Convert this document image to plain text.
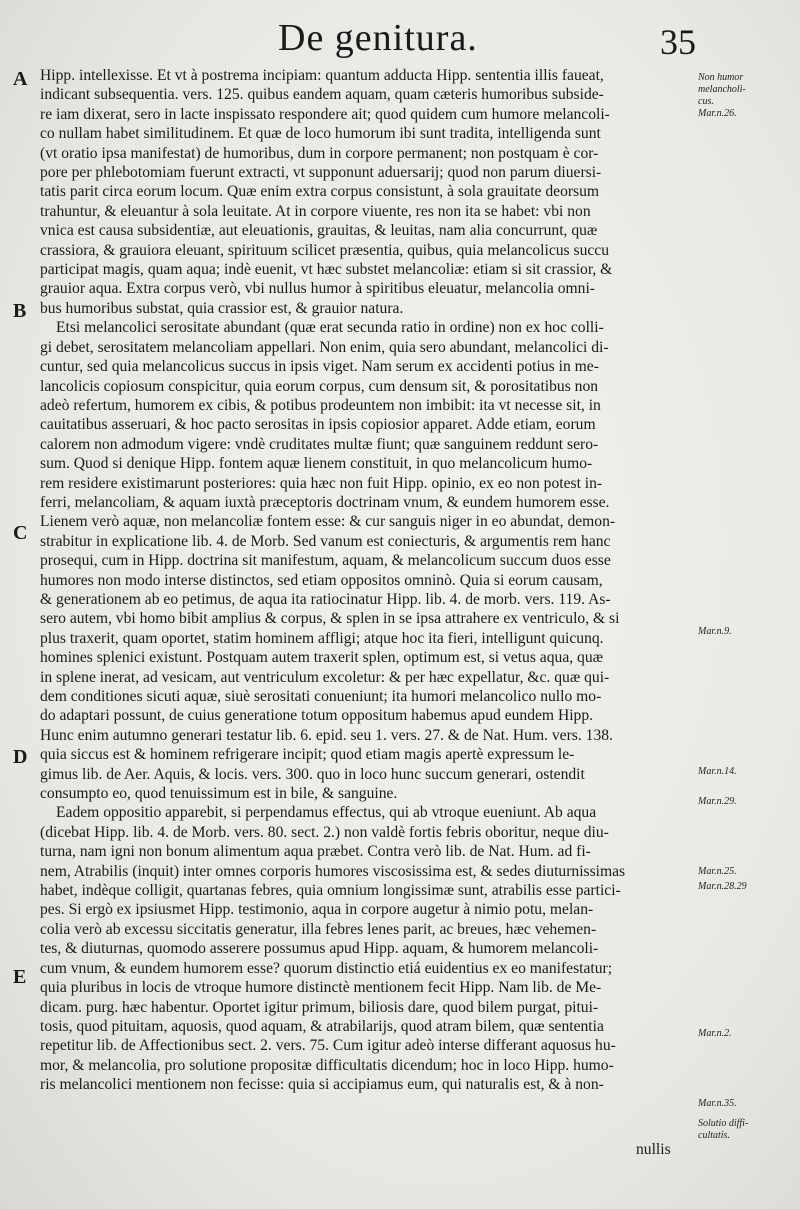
De genitura.	35
A
B
C
D
E
Hipp. intellexisse. Et vt à postrema incipiam: quantum adducta Hipp. sententia illis faueat,
indicant subsequentia. vers. 125. quibus eandem aquam, quam cæteris humoribus subside-
re iam dixerat, sero in lacte inspissato respondere ait; quod quidem cum humore melancoli-
co nullam habet similitudinem. Et quæ de loco humorum ibi sunt tradita, intelligenda sunt
(vt oratio ipsa manifestat) de humoribus, dum in corpore permanent; non postquam è cor-
pore per phlebotomiam fuerunt extracti, vt supponunt aduersarij; quod non parum diuersi-
tatis parit circa eorum locum. Quæ enim extra corpus consistunt, à sola grauitate deorsum
trahuntur, & eleuantur à sola leuitate. At in corpore viuente, res non ita se habet: vbi non
vnica est causa subsidentiæ, aut eleuationis, grauitas, & leuitas, nam alia concurrunt, quæ
crassiora, & grauiora eleuant, spirituum scilicet præsentia, quibus, quia melancolicus succu
participat magis, quam aqua; indè euenit, vt hæc substet melancoliæ: etiam si sit crassior, &
grauior aqua. Extra corpus verò, vbi nullus humor à spiritibus eleuatur, melancolia omni-
bus humoribus substat, quia crassior est, & grauior natura.
Etsi melancolici serositate abundant (quæ erat secunda ratio in ordine) non ex hoc colli-
gi debet, serositatem melancoliam appellari. Non enim, quia sero abundant, melancolici di-
cuntur, sed quia melancolicus succus in ipsis viget. Nam serum ex accidenti potius in me-
lancolicis copiosum conspicitur, quia eorum corpus, cum densum sit, & porositatibus non
adeò refertum, humorem ex cibis, & potibus prodeuntem non imbibit: ita vt necesse sit, in
cauitatibus asseruari, & hoc pacto serositas in ipsis copiosior apparet. Adde etiam, eorum
calorem non admodum vigere: vndè cruditates multæ fiunt; quæ sanguinem reddunt sero-
sum. Quod si denique Hipp. fontem aquæ lienem constituit, in quo melancolicum humo-
rem residere existimarunt posteriores: quia hæc non fuit Hipp. opinio, ex eo non potest in-
ferri, melancoliam, & aquam iuxtà præceptoris doctrinam vnum, & eundem humorem esse.
Lienem verò aquæ, non melancoliæ fontem esse: & cur sanguis niger in eo abundat, demon-
strabitur in explicatione lib. 4. de Morb. Sed vanum est coniecturis, & argumentis rem hanc
prosequi, cum in Hipp. doctrina sit manifestum, aquam, & melancolicum succum duos esse
humores non modo interse distinctos, sed etiam oppositos omninò. Quia si eorum causam,
& generationem ab eo petimus, de aqua ita ratiocinatur Hipp. lib. 4. de morb. vers. 119. As-
sero autem, vbi homo bibit amplius & corpus, & splen in se ipsa attrahere ex ventriculo, & si
plus traxerit, quam oportet, statim hominem affligi; atque hoc ita fieri, intelligunt quicunq.
homines splenici existunt. Postquam autem traxerit splen, optimum est, si vetus aqua, quæ
in splene inerat, ad vesicam, aut ventriculum excoletur: & per hæc expellatur, &c. quæ qui-
dem conditiones sicuti aquæ, siuè serositati conueniunt; ita humori melancolico nullo mo-
do adaptari possunt, de cuius generatione totum oppositum habemus apud eundem Hipp.
Hunc enim autumno generari testatur lib. 6. epid. seu 1. vers. 27. & de Nat. Hum. vers. 138.
quia siccus est & hominem refrigerare incipit; quod etiam magis apertè expressum le-
gimus lib. de Aer. Aquis, & locis. vers. 300. quo in loco hunc succum generari, ostendit
consumpto eo, quod tenuissimum est in bile, & sanguine.
Eadem oppositio apparebit, si perpendamus effectus, qui ab vtroque eueniunt. Ab aqua
(dicebat Hipp. lib. 4. de Morb. vers. 80. sect. 2.) non valdè fortis febris oboritur, neque diu-
turna, nam igni non bonum alimentum aqua præbet. Contra verò lib. de Nat. Hum. ad fi-
nem, Atrabilis (inquit) inter omnes corporis humores viscosissima est, & sedes diuturnissimas
habet, indèque colligit, quartanas febres, quia omnium longissimæ sunt, atrabilis esse partici-
pes. Si ergò ex ipsiusmet Hipp. testimonio, aqua in corpore augetur à nimio potu, melan-
colia verò ab excessu siccitatis generatur, illa febres lenes parit, ac breues, hæc vehemen-
tes, & diuturnas, quomodo asserere possumus apud Hipp. aquam, & humorem melancoli-
cum vnum, & eundem humorem esse? quorum distinctio etiá euidentius ex eo manifestatur;
quia pluribus in locis de vtroque humore distinctè mentionem fecit Hipp. Nam lib. de Me-
dicam. purg. hæc habentur. Oportet igitur primum, biliosis dare, quod bilem purgat, pitui-
tosis, quod pituitam, aquosis, quod aquam, & atrabilarijs, quod atram bilem, quæ sententia
repetitur lib. de Affectionibus sect. 2. vers. 75. Cum igitur adeò interse differant aquosus hu-
mor, & melancolia, pro solutione propositæ difficultatis dicendum; hoc in loco Hipp. humo-
ris melancolici mentionem non fecisse: quia si accipiamus eum, qui naturalis est, & à non-
Non humor
melancholi-
cus.
Mar.n.26.
Mar.n.9.
Mar.n.14.
Mar.n.29.
Mar.n.25.
Mar.n.28.29
Mar.n.2.
Mar.n.35.
Solutio diffi-
cultatis.
nullis
